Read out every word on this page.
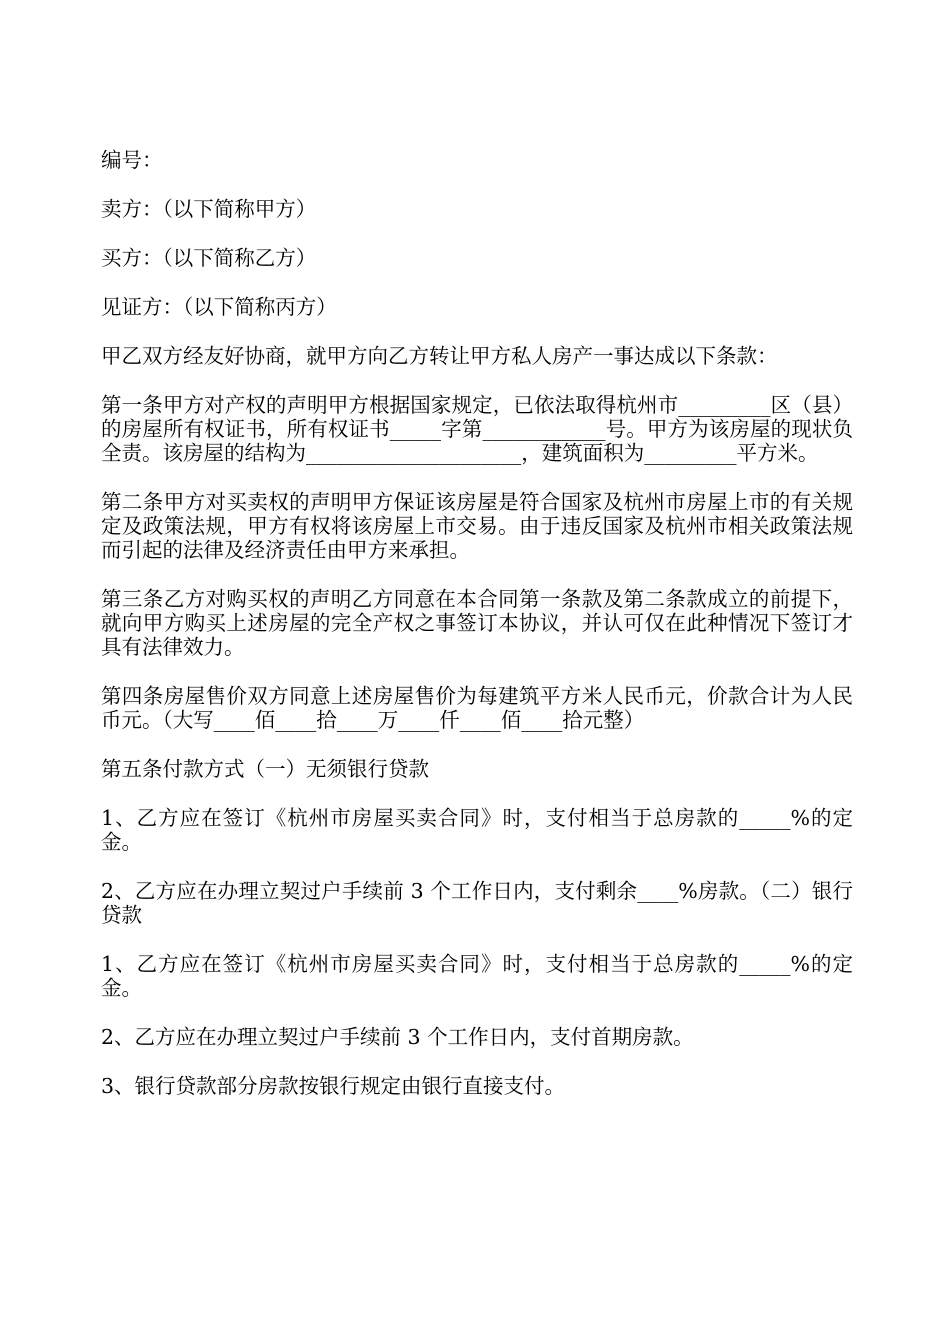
编号：

卖方：（以下简称甲方）

买方：（以下简称乙方）

见证方：（以下简称丙方）

甲乙双方经友好协商，就甲方向乙方转让甲方私人房产一事达成以下条款：

第一条甲方对产权的声明甲方根据国家规定，已依法取得杭州市_________区（县）的房屋所有权证书，所有权证书_____字第____________号。甲方为该房屋的现状负全责。该房屋的结构为_____________________，建筑面积为_________平方米。

第二条甲方对买卖权的声明甲方保证该房屋是符合国家及杭州市房屋上市的有关规定及政策法规，甲方有权将该房屋上市交易。由于违反国家及杭州市相关政策法规而引起的法律及经济责任由甲方来承担。

第三条乙方对购买权的声明乙方同意在本合同第一条款及第二条款成立的前提下，就向甲方购买上述房屋的完全产权之事签订本协议，并认可仅在此种情况下签订才具有法律效力。

第四条房屋售价双方同意上述房屋售价为每建筑平方米人民币元，价款合计为人民币元。（大写____佰____拾____万____仟____佰____拾元整）

第五条付款方式（一）无须银行贷款

1、乙方应在签订《杭州市房屋买卖合同》时，支付相当于总房款的_____%的定金。

2、乙方应在办理立契过户手续前 3 个工作日内，支付剩余____%房款。（二）银行贷款

1、乙方应在签订《杭州市房屋买卖合同》时，支付相当于总房款的_____%的定金。

2、乙方应在办理立契过户手续前 3 个工作日内，支付首期房款。

3、银行贷款部分房款按银行规定由银行直接支付。
